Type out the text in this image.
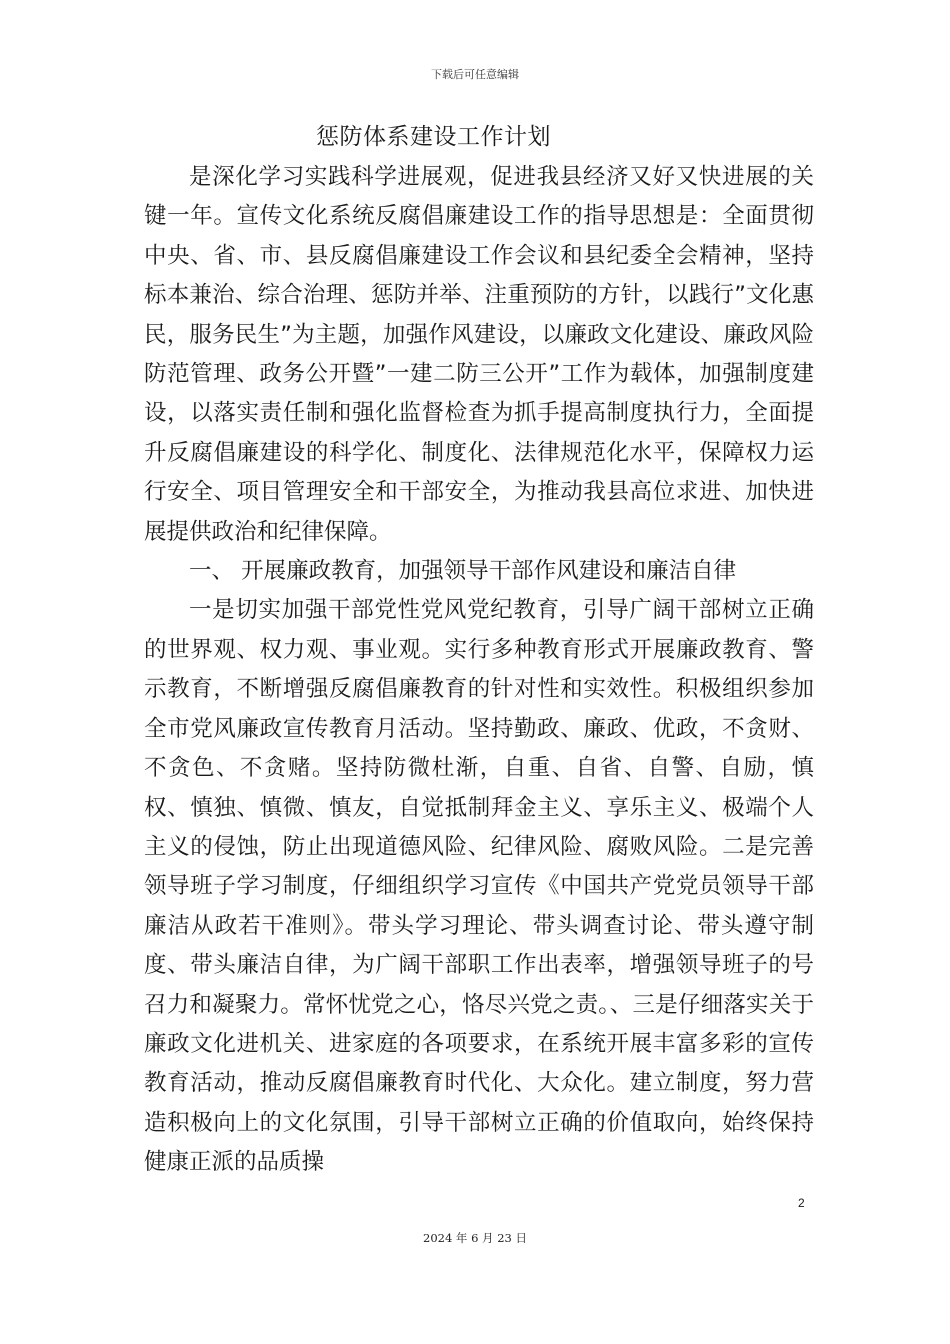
下载后可任意编辑
惩防体系建设工作计划

是深化学习实践科学进展观，促进我县经济又好又快进展的关键一年。宣传文化系统反腐倡廉建设工作的指导思想是：全面贯彻中央、省、市、县反腐倡廉建设工作会议和县纪委全会精神，坚持标本兼治、综合治理、惩防并举、注重预防的方针，以践行”文化惠民，服务民生”为主题，加强作风建设，以廉政文化建设、廉政风险防范管理、政务公开暨”一建二防三公开”工作为载体，加强制度建设，以落实责任制和强化监督检查为抓手提高制度执行力，全面提升反腐倡廉建设的科学化、制度化、法律规范化水平，保障权力运行安全、项目管理安全和干部安全，为推动我县高位求进、加快进展提供政治和纪律保障。

一、 开展廉政教育，加强领导干部作风建设和廉洁自律

一是切实加强干部党性党风党纪教育，引导广阔干部树立正确的世界观、权力观、事业观。实行多种教育形式开展廉政教育、警示教育，不断增强反腐倡廉教育的针对性和实效性。积极组织参加全市党风廉政宣传教育月活动。坚持勤政、廉政、优政，不贪财、不贪色、不贪赌。坚持防微杜渐，自重、自省、自警、自励，慎权、慎独、慎微、慎友，自觉抵制拜金主义、享乐主义、极端个人主义的侵蚀，防止出现道德风险、纪律风险、腐败风险。二是完善领导班子学习制度，仔细组织学习宣传《中国共产党党员领导干部廉洁从政若干准则》。带头学习理论、带头调查讨论、带头遵守制度、带头廉洁自律，为广阔干部职工作出表率，增强领导班子的号召力和凝聚力。常怀忧党之心，恪尽兴党之责。、三是仔细落实关于廉政文化进机关、进家庭的各项要求，在系统开展丰富多彩的宣传教育活动，推动反腐倡廉教育时代化、大众化。建立制度，努力营造积极向上的文化氛围，引导干部树立正确的价值取向，始终保持健康正派的品质操

2
2024 年 6 月 23 日
